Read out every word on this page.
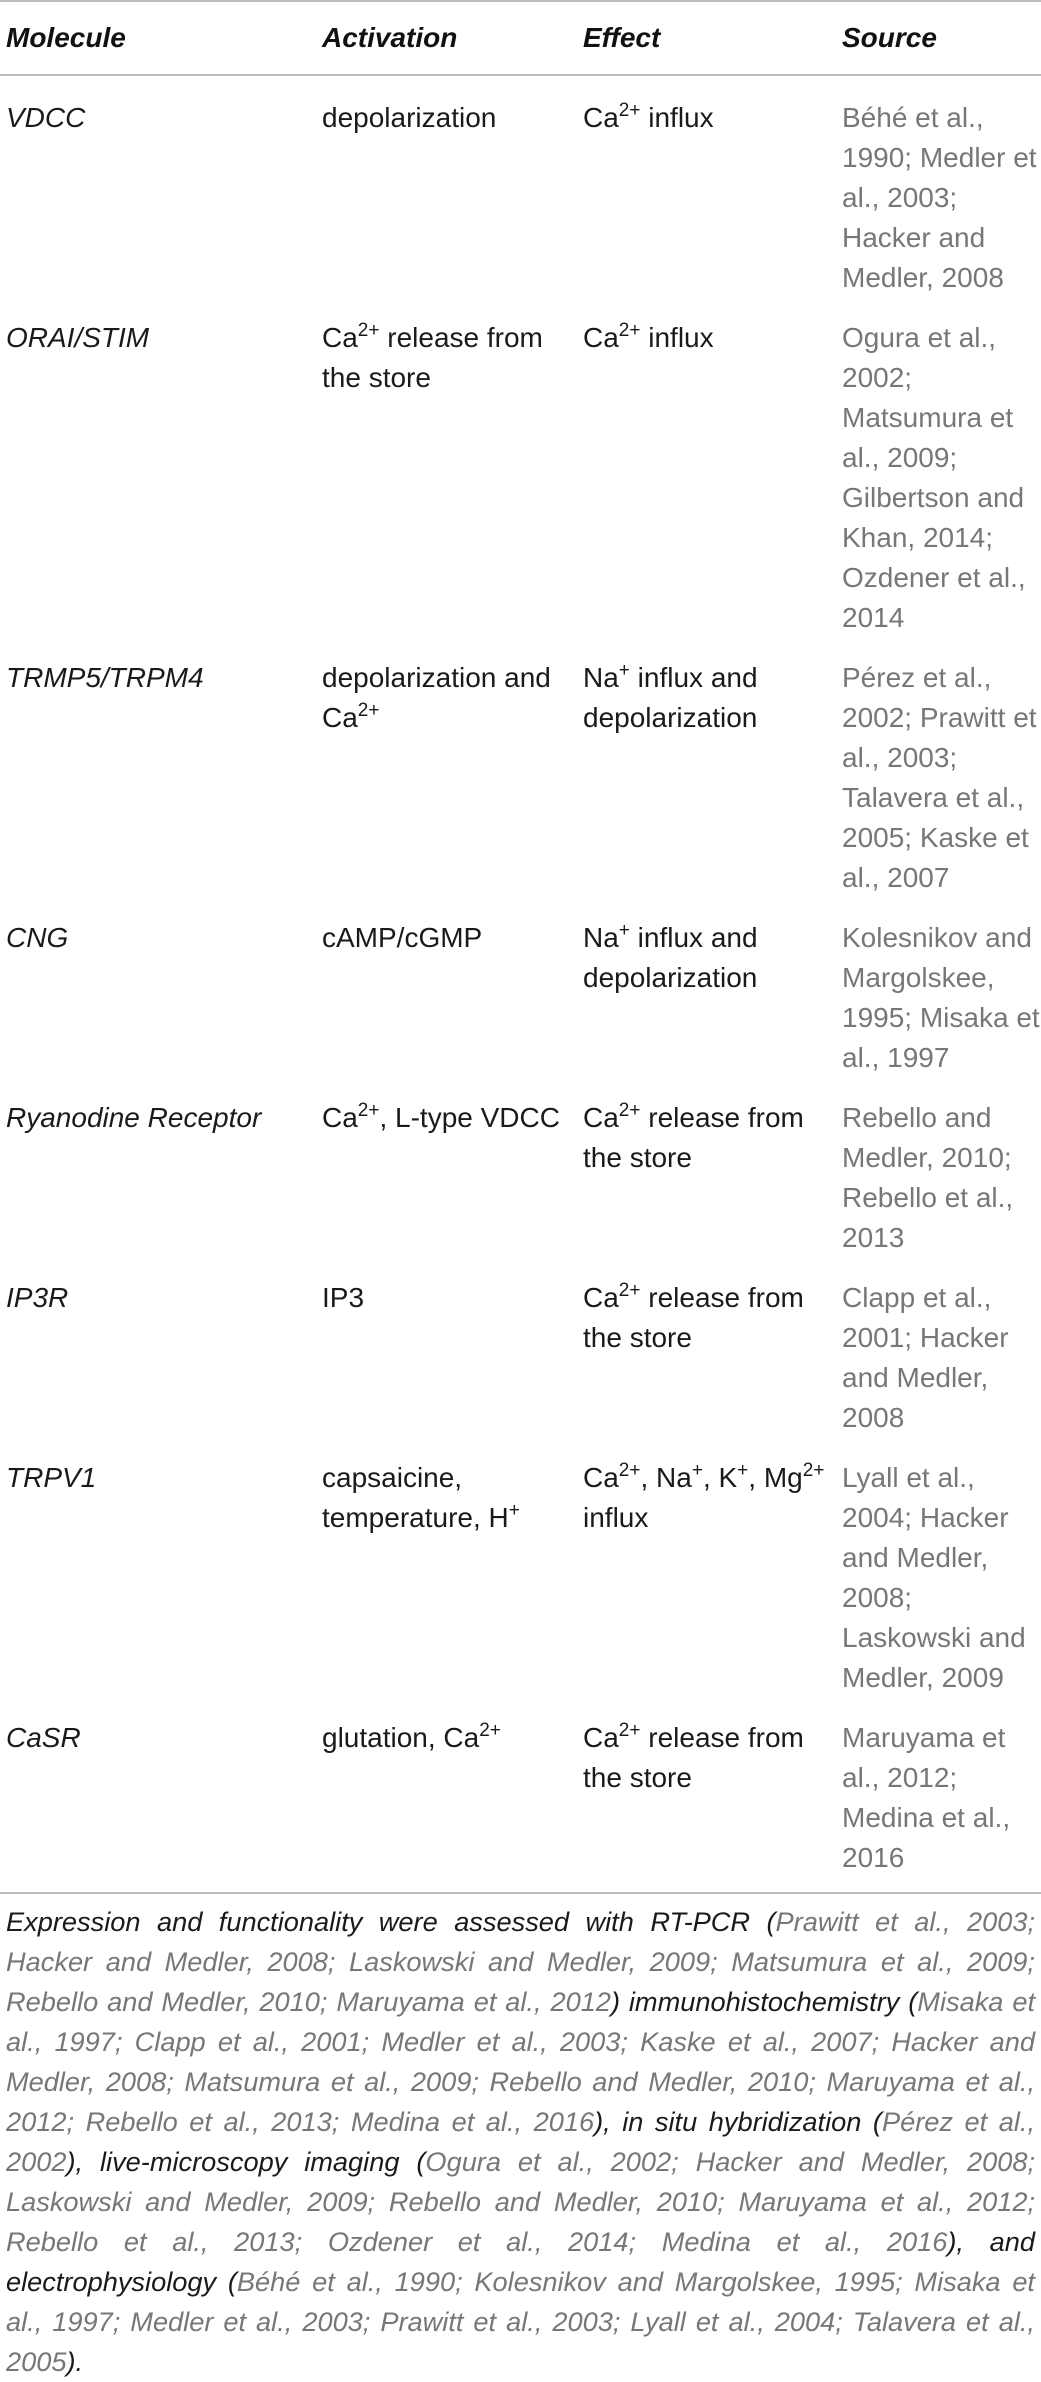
Molecule	Activation	Effect	Source
VDCC	depolarization	$Ca^{2+}$ influx	Béhé et al., 1990; Medler et al., 2003; Hacker and Medler, 2008
ORAI/STIM	$Ca^{2+}$ release from the store	$Ca^{2+}$ influx	Ogura et al., 2002; Matsumura et al., 2009; Gilbertson and Khan, 2014; Ozdener et al., 2014
TRMP5/TRPM4	depolarization and $Ca^{2+}$	Na+ influx and depolarization	Pérez et al., 2002; Prawitt et al., 2003; Talavera et al., 2005; Kaske et al., 2007
CNG	cAMP/cGMP	Na+ influx and depolarization	Kolesnikov and Margolskee, 1995; Misaka et al., 1997
Ryanodine Receptor	$Ca^{2+}$, L-type VDCC	$Ca^{2+}$ release from the store	Rebello and Medler, 2010; Rebello et al., 2013
IP3R	IP3	$Ca^{2+}$ release from the store	Clapp et al., 2001; Hacker and Medler, 2008
TRPV1	capsaicine, temperature, H+	$Ca^{2+}$, Na+, K+, $Mg^{2+}$ influx	Lyall et al., 2004; Hacker and Medler, 2008; Laskowski and Medler, 2009
CaSR	glutation, $Ca^{2+}$	$Ca^{2+}$ release from the store	Maruyama et al., 2012; Medina et al., 2016
Expression and functionality were assessed with RT-PCR (Prawitt et al., 2003; Hacker and Medler, 2008; Laskowski and Medler, 2009; Matsumura et al., 2009; Rebello and Medler, 2010; Maruyama et al., 2012) immunohistochemistry (Misaka et al., 1997; Clapp et al., 2001; Medler et al., 2003; Kaske et al., 2007; Hacker and Medler, 2008; Matsumura et al., 2009; Rebello and Medler, 2010; Maruyama et al., 2012; Rebello et al., 2013; Medina et al., 2016), in situ hybridization (Pérez et al., 2002), live-microscopy imaging (Ogura et al., 2002; Hacker and Medler, 2008; Laskowski and Medler, 2009; Rebello and Medler, 2010; Maruyama et al., 2012; Rebello et al., 2013; Ozdener et al., 2014; Medina et al., 2016), and electrophysiology (Béhé et al., 1990; Kolesnikov and Margolskee, 1995; Misaka et al., 1997; Medler et al., 2003; Prawitt et al., 2003; Lyall et al., 2004; Talavera et al., 2005).
